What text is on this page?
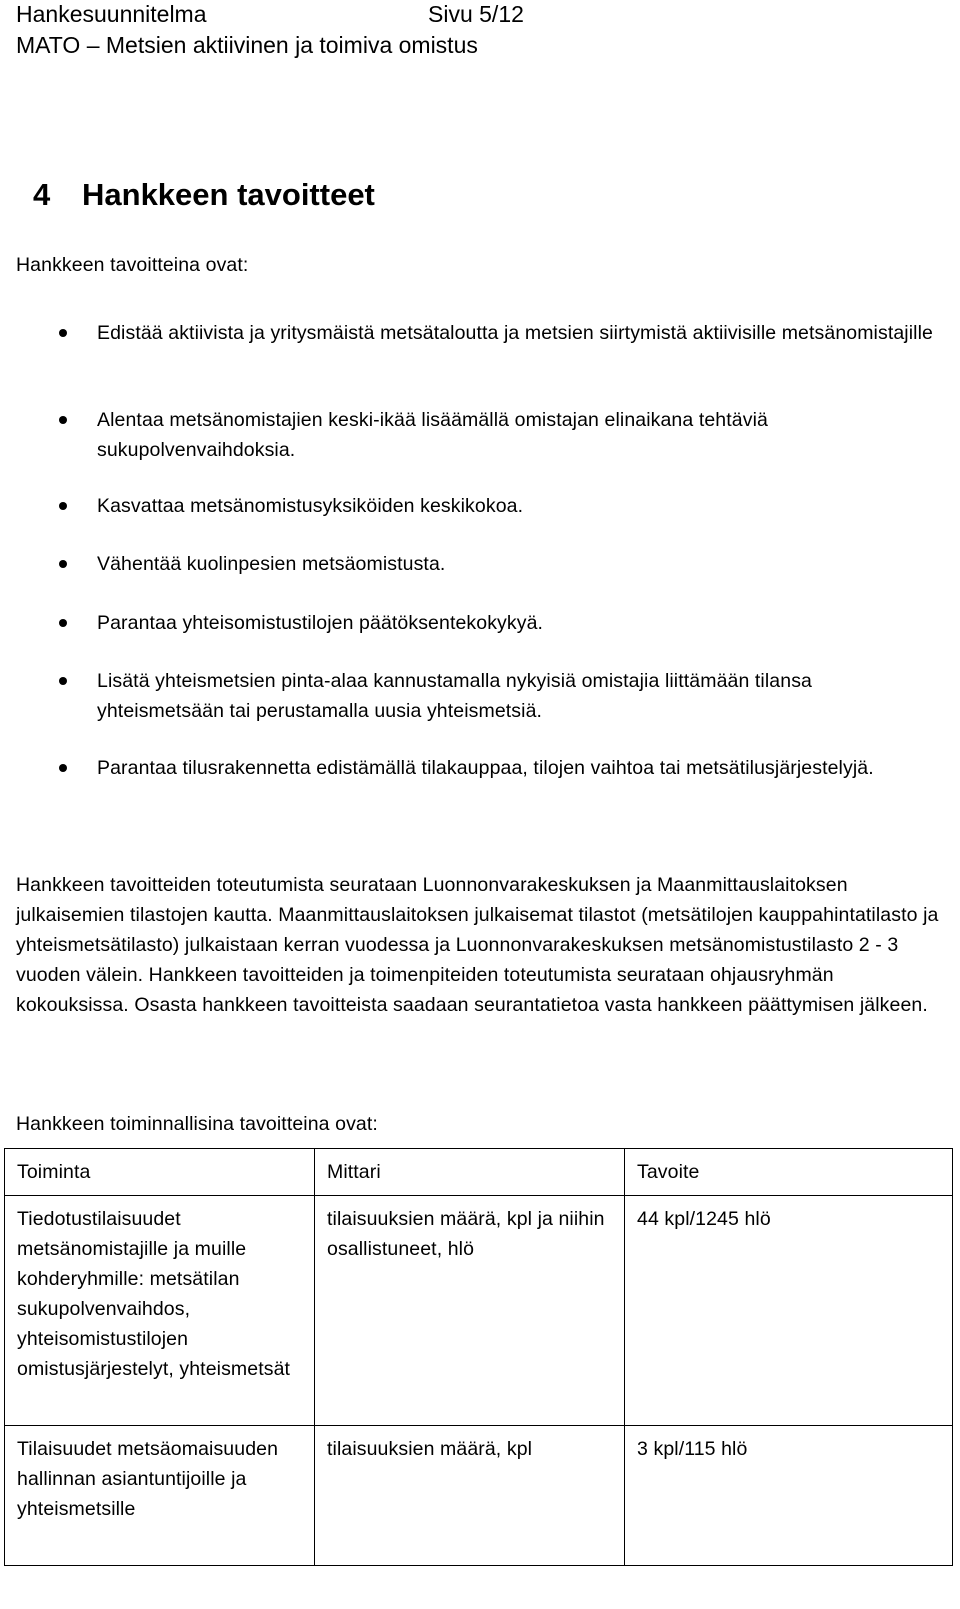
Hankesuunnitelma	Sivu 5/12
MATO – Metsien aktiivinen ja toimiva omistus
4 Hankkeen tavoitteet

Hankkeen tavoitteina ovat:

Edistää aktiivista ja yritysmäistä metsätaloutta ja metsien siirtymistä aktiivisille metsänomistajille

Alentaa metsänomistajien keski-ikää lisäämällä omistajan elinaikana tehtäviä sukupolvenvaihdoksia.

Kasvattaa metsänomistusyksiköiden keskikokoa.

Vähentää kuolinpesien metsäomistusta.

Parantaa yhteisomistustilojen päätöksentekokykyä.

Lisätä yhteismetsien pinta-alaa kannustamalla nykyisiä omistajia liittämään tilansa yhteismetsään tai perustamalla uusia yhteismetsiä.

Parantaa tilusrakennetta edistämällä tilakauppaa, tilojen vaihtoa tai metsätilusjärjestelyjä.

Hankkeen tavoitteiden toteutumista seurataan Luonnonvarakeskuksen ja Maanmittauslaitoksen julkaisemien tilastojen kautta. Maanmittauslaitoksen julkaisemat tilastot (metsätilojen kauppahintatilasto ja yhteismetsätilasto) julkaistaan kerran vuodessa ja Luonnonvarakeskuksen metsänomistustilasto 2 - 3 vuoden välein. Hankkeen tavoitteiden ja toimenpiteiden toteutumista seurataan ohjausryhmän kokouksissa. Osasta hankkeen tavoitteista saadaan seurantatietoa vasta hankkeen päättymisen jälkeen.

Hankkeen toiminnallisina tavoitteina ovat:

Toiminta	Mittari	Tavoite

Tiedotustilaisuudet metsänomistajille ja muille kohderyhmille: metsätilan sukupolvenvaihdos, yhteisomistustilojen omistusjärjestelyt, yhteismetsät	tilaisuuksien määrä, kpl ja niihin osallistuneet, hlö	44 kpl/1245 hlö

Tilaisuudet metsäomaisuuden hallinnan asiantuntijoille ja yhteismetsille	tilaisuuksien määrä, kpl	3 kpl/115 hlö
